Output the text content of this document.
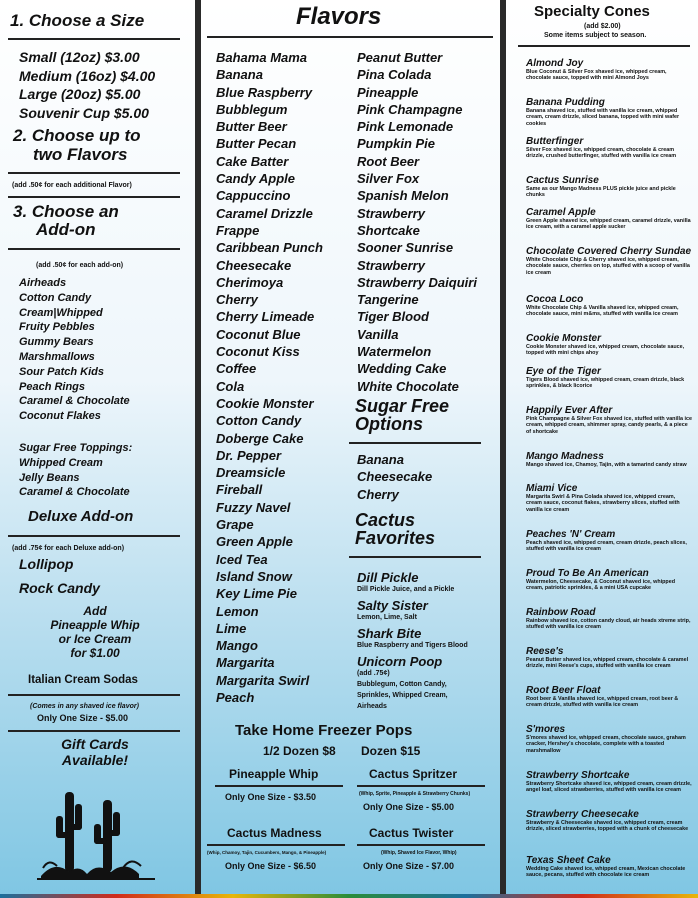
1. Choose a Size
Small (12oz) $3.00
Medium (16oz) $4.00
Large (20oz) $5.00
Souvenir Cup $5.00
2. Choose up to
two Flavors
(add .50¢ for each additional Flavor)
3. Choose an
Add-on
(add .50¢ for each add-on)
Airheads
Cotton Candy
Cream|Whipped
Fruity Pebbles
Gummy Bears
Marshmallows
Sour Patch Kids
Peach Rings
Caramel & Chocolate
Coconut Flakes
Sugar Free Toppings:
Whipped Cream
Jelly Beans
Caramel & Chocolate
Deluxe Add-on
(add .75¢ for each Deluxe add-on)
Lollipop
Rock Candy
Add
Pineapple Whip
or Ice Cream
for $1.00
Italian Cream Sodas
(Comes in any shaved ice flavor)
Only One Size - $5.00
Gift Cards
Available!
Flavors
Bahama Mama
Banana
Blue Raspberry
Bubblegum
Butter Beer
Butter Pecan
Cake Batter
Candy Apple
Cappuccino
Caramel Drizzle
Frappe
Caribbean Punch
Cheesecake
Cherimoya
Cherry
Cherry Limeade
Coconut Blue
Coconut Kiss
Coffee
Cola
Cookie Monster
Cotton Candy
Doberge Cake
Dr. Pepper
Dreamsicle
Fireball
Fuzzy Navel
Grape
Green Apple
Iced Tea
Island Snow
Key Lime Pie
Lemon
Lime
Mango
Margarita
Margarita Swirl
Peach
Peanut Butter
Pina Colada
Pineapple
Pink Champagne
Pink Lemonade
Pumpkin Pie
Root Beer
Silver Fox
Spanish Melon
Strawberry
Shortcake
Sooner Sunrise
Strawberry
Strawberry Daiquiri
Tangerine
Tiger Blood
Vanilla
Watermelon
Wedding Cake
White Chocolate
Sugar Free
Options
Banana
Cheesecake
Cherry
Cactus
Favorites
Dill Pickle
Dill Pickle Juice, and a Pickle
Salty Sister
Lemon, Lime, Salt
Shark Bite
Blue Raspberry and Tigers Blood
Unicorn Poop
(add .75¢)
Bubblegum, Cotton Candy,
Sprinkles, Whipped Cream,
Airheads
Take Home Freezer Pops
1/2 Dozen $8 Dozen $15
Pineapple Whip
Only One Size - $3.50
Cactus Spritzer
(Whip, Sprite, Pineapple & Strawberry Chunks)
Only One Size - $5.00
Cactus Madness
(Whip, Chamoy, Tajin, Cucumbers, Mango, & Pineapple)
Only One Size - $6.50
Cactus Twister
(Whip, Shaved Ice Flavor, Whip)
Only One Size - $7.00
Specialty Cones
(add $2.00)
Some items subject to season.
Almond Joy
Blue Coconut & Silver Fox shaved ice, whipped cream, chocolate sauce, topped with mini Almond Joys
Banana Pudding
Banana shaved ice, stuffed with vanilla ice cream, whipped cream, cream drizzle, sliced banana, topped with mini wafer cookies
Butterfinger
Silver Fox shaved ice, whipped cream, chocolate & cream drizzle, crushed butterfinger, stuffed with vanilla ice cream
Cactus Sunrise
Same as our Mango Madness PLUS pickle juice and pickle chunks
Caramel Apple
Green Apple shaved ice, whipped cream, caramel drizzle, vanilla ice cream, with a caramel apple sucker
Chocolate Covered Cherry Sundae
White Chocolate Chip & Cherry shaved ice, whipped cream, chocolate sauce, cherries on top, stuffed with a scoop of vanilla ice cream
Cocoa Loco
White Chocolate Chip & Vanilla shaved ice, whipped cream, chocolate sauce, mini m&ms, stuffed with vanilla ice cream
Cookie Monster
Cookie Monster shaved ice, whipped cream, chocolate sauce, topped with mini chips ahoy
Eye of the Tiger
Tigers Blood shaved ice, whipped cream, cream drizzle, black sprinkles, & black licorice
Happily Ever After
Pink Champagne & Silver Fox shaved ice, stuffed with vanilla ice cream, whipped cream, shimmer spray, candy pearls, & a piece of shortcake
Mango Madness
Mango shaved ice, Chamoy, Tajin, with a tamarind candy straw
Miami Vice
Margarita Swirl & Pina Colada shaved ice, whipped cream, cream sauce, coconut flakes, strawberry slices, stuffed with vanilla ice cream
Peaches 'N' Cream
Peach shaved ice, whipped cream, cream drizzle, peach slices, stuffed with vanilla ice cream
Proud To Be An American
Watermelon, Cheesecake, & Coconut shaved ice, whipped cream, patriotic sprinkles, & a mini USA cupcake
Rainbow Road
Rainbow shaved ice, cotton candy cloud, air heads xtreme strip, stuffed with vanilla ice cream
Reese's
Peanut Butter shaved ice, whipped cream, chocolate & caramel drizzle, mini Reese's cups, stuffed with vanilla ice cream
Root Beer Float
Root beer & Vanilla shaved ice, whipped cream, root beer & cream drizzle, stuffed with vanilla ice cream
S'mores
S'mores shaved ice, whipped cream, chocolate sauce, graham cracker, Hershey's chocolate, complete with a toasted marshmallow
Strawberry Shortcake
Strawberry Shortcake shaved ice, whipped cream, cream drizzle, angel loaf, sliced strawberries, stuffed with vanilla ice cream
Strawberry Cheesecake
Strawberry & Cheesecake shaved ice, whipped cream, cream drizzle, sliced strawberries, topped with a chunk of cheesecake
Texas Sheet Cake
Wedding Cake shaved ice, whipped cream, Mexican chocolate sauce, pecans, stuffed with chocolate ice cream
